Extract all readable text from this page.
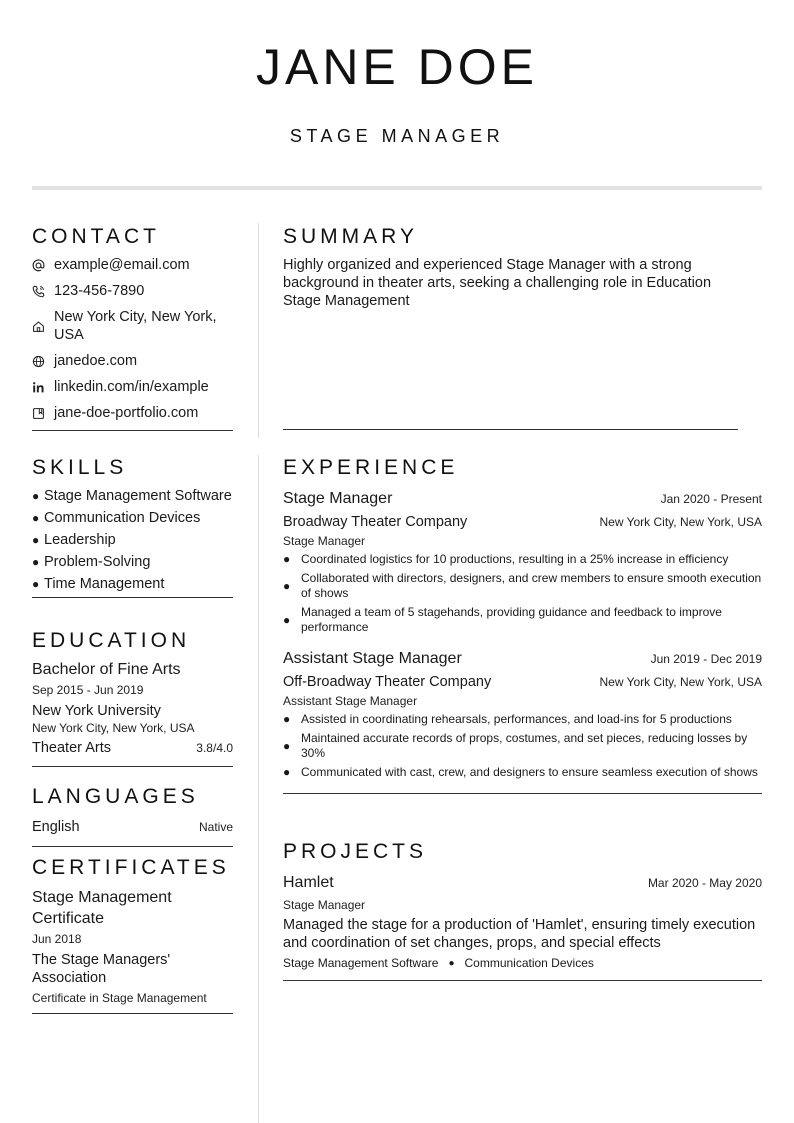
JANE DOE
STAGE MANAGER
CONTACT
example@email.com
123-456-7890
New York City, New York, USA
janedoe.com
linkedin.com/in/example
jane-doe-portfolio.com
SUMMARY
Highly organized and experienced Stage Manager with a strong background in theater arts, seeking a challenging role in Education Stage Management
SKILLS
● Stage Management Software
● Communication Devices
● Leadership
● Problem-Solving
● Time Management
EDUCATION
Bachelor of Fine Arts
Sep 2015 - Jun 2019
New York University
New York City, New York, USA
Theater Arts	3.8/4.0
LANGUAGES
English	Native
CERTIFICATES
Stage Management Certificate
Jun 2018
The Stage Managers' Association
Certificate in Stage Management
EXPERIENCE
Stage Manager	Jan 2020 - Present
Broadway Theater Company	New York City, New York, USA
Stage Manager
● Coordinated logistics for 10 productions, resulting in a 25% increase in efficiency
●
Collaborated with directors, designers, and crew members to ensure smooth execution of shows
●
Managed a team of 5 stagehands, providing guidance and feedback to improve performance
Assistant Stage Manager	Jun 2019 - Dec 2019
Off-Broadway Theater Company	New York City, New York, USA
Assistant Stage Manager
● Assisted in coordinating rehearsals, performances, and load-ins for 5 productions
●
Maintained accurate records of props, costumes, and set pieces, reducing losses by 30%
● Communicated with cast, crew, and designers to ensure seamless execution of shows
PROJECTS
Hamlet	Mar 2020 - May 2020
Stage Manager
Managed the stage for a production of 'Hamlet', ensuring timely execution and coordination of set changes, props, and special effects
Stage Management Software ● Communication Devices
